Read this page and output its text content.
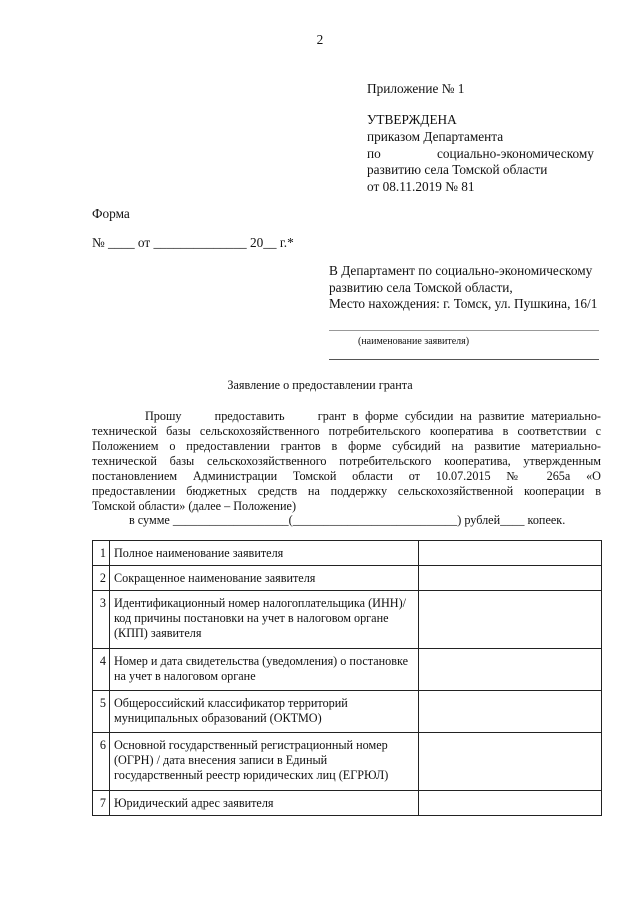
2
Приложение № 1
УТВЕРЖДЕНА
приказом Департамента
по	социально-экономическому
развитию села Томской области
от 08.11.2019 № 81
Форма
№ ____ от ______________ 20__ г.*
В Департамент по социально-экономическому
развитию села Томской области,
Место нахождения: г. Томск, ул. Пушкина, 16/1
(наименование заявителя)
Заявление о предоставлении гранта
Прошу     предоставить     грант в форме субсидии на развитие материально-
технической базы сельскохозяйственного потребительского кооператива в соответствии с
Положением о предоставлении грантов в форме субсидий на развитие материально-
технической базы сельскохозяйственного потребительского кооператива, утвержденным
постановлением Администрации Томской области от 10.07.2015 № 265а «О
предоставлении бюджетных средств на поддержку сельскохозяйственной кооперации в
Томской области» (далее – Положение)
в сумме ___________________(___________________________) рублей____ копеек.
1	Полное наименование заявителя	
2	Сокращенное наименование заявителя	
3	Идентификационный номер налогоплательщика (ИНН)/
код причины постановки на учет в налоговом органе (КПП) заявителя	
4	Номер и дата свидетельства (уведомления) о постановке на учет в налоговом органе	
5	Общероссийский классификатор территорий муниципальных образований (ОКТМО)	
6	Основной государственный регистрационный номер (ОГРН) / дата внесения записи в Единый государственный реестр юридических лиц (ЕГРЮЛ)	
7	Юридический адрес заявителя	
